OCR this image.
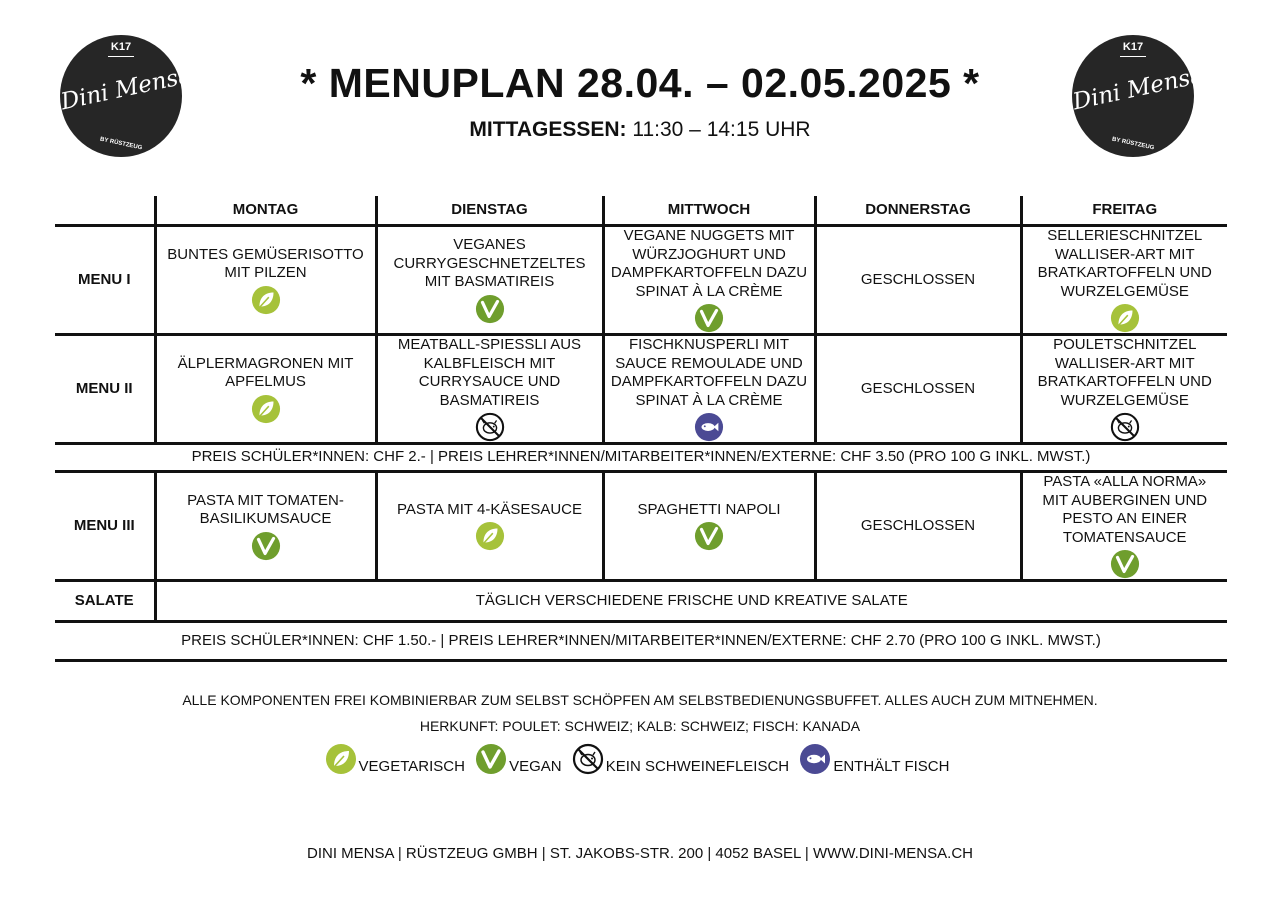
K17
Dini Mensa
BY RÜSTZEUG
K17
Dini Mensa
BY RÜSTZEUG
* MENUPLAN 28.04. – 02.05.2025 *
MITTAGESSEN: 11:30 – 14:15 UHR
	MONTAG	DIENSTAG	MITTWOCH	DONNERSTAG	FREITAG
MENU I	BUNTES GEMÜSERISOTTO MIT PILZEN	VEGANES CURRYGESCHNETZELTES MIT BASMATIREIS	VEGANE NUGGETS MIT WÜRZJOGHURT UND DAMPFKARTOFFELN DAZU SPINAT À LA CRÈME	GESCHLOSSEN	SELLERIESCHNITZEL WALLISER-ART MIT BRATKARTOFFELN UND WURZELGEMÜSE

MENU II	ÄLPLERMAGRONEN MIT APFELMUS	MEATBALL-SPIESSLI AUS KALBFLEISCH MIT CURRYSAUCE UND BASMATIREIS	FISCHKNUSPERLI MIT SAUCE REMOULADE UND DAMPFKARTOFFELN DAZU SPINAT À LA CRÈME	GESCHLOSSEN	POULETSCHNITZEL WALLISER-ART MIT BRATKARTOFFELN UND WURZELGEMÜSE

PREIS SCHÜLER*INNEN: CHF 2.- | PREIS LEHRER*INNEN/MITARBEITER*INNEN/EXTERNE: CHF 3.50 (PRO 100 G INKL. MWST.)					
MENU III	PASTA MIT TOMATEN-BASILIKUMSAUCE	PASTA MIT 4-KÄSESAUCE	SPAGHETTI NAPOLI	GESCHLOSSEN	PASTA «ALLA NORMA» MIT AUBERGINEN UND PESTO AN EINER TOMATENSAUCE

SALATE	TÄGLICH VERSCHIEDENE FRISCHE UND KREATIVE SALATE				
PREIS SCHÜLER*INNEN: CHF 1.50.- | PREIS LEHRER*INNEN/MITARBEITER*INNEN/EXTERNE: CHF 2.70 (PRO 100 G INKL. MWST.)					
ALLE KOMPONENTEN FREI KOMBINIERBAR ZUM SELBST SCHÖPFEN AM SELBSTBEDIENUNGSBUFFET. ALLES AUCH ZUM MITNEHMEN.
HERKUNFT: POULET: SCHWEIZ; KALB: SCHWEIZ; FISCH: KANADA
VEGETARISCH	VEGAN	KEIN SCHWEINEFLEISCH	ENTHÄLT FISCH
DINI MENSA | RÜSTZEUG GMBH | ST. JAKOBS-STR. 200 | 4052 BASEL | WWW.DINI-MENSA.CH
